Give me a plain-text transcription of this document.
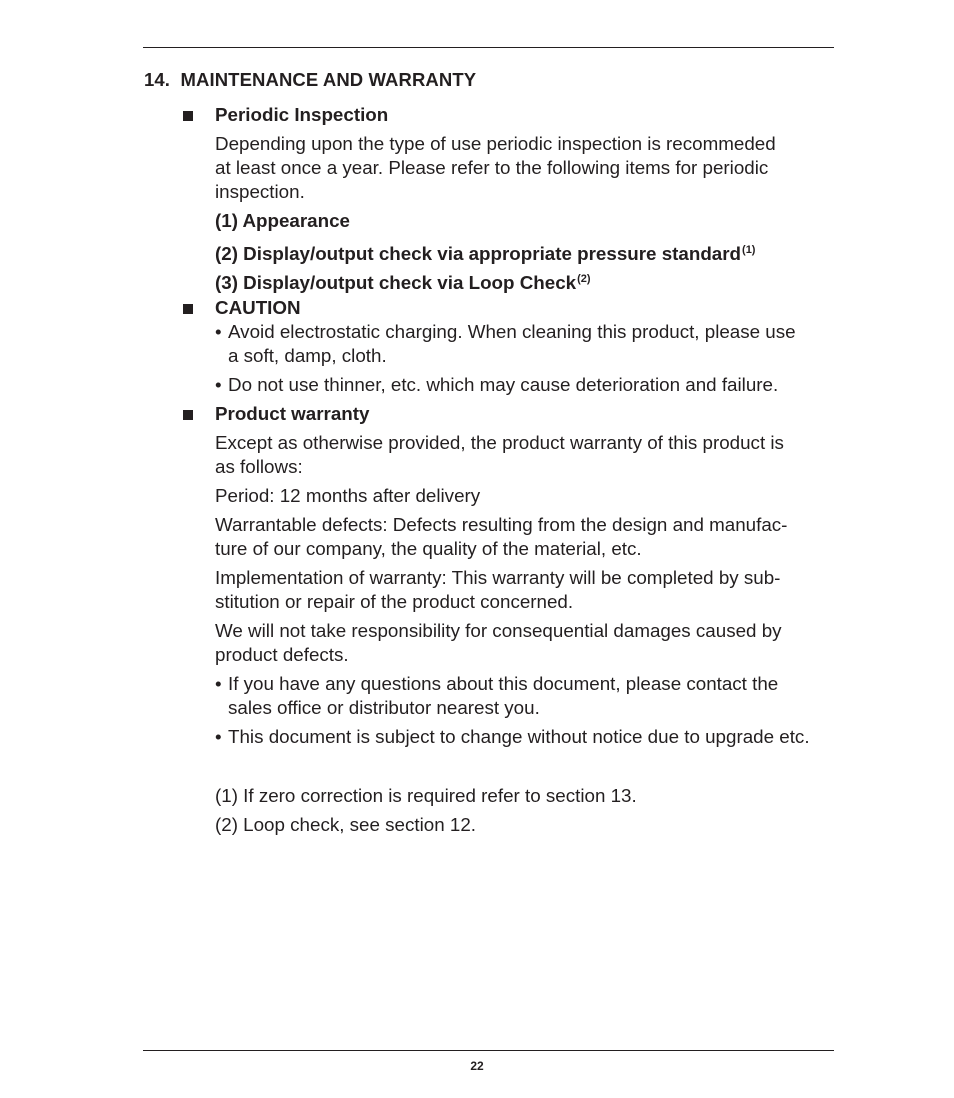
14. MAINTENANCE AND WARRANTY
Periodic Inspection
Depending upon the type of use periodic inspection is recommeded
at least once a year. Please refer to the following items for periodic
inspection.
(1) Appearance
(2) Display/output check via appropriate pressure standard$^{(1)}$
(3) Display/output check via Loop Check$^{(2)}$
CAUTION
• Avoid electrostatic charging. When cleaning this product, please use
a soft, damp, cloth.
• Do not use thinner, etc. which may cause deterioration and failure.
Product warranty
Except as otherwise provided, the product warranty of this product is
as follows:
Period: 12 months after delivery
Warrantable defects: Defects resulting from the design and manufac-
ture of our company, the quality of the material, etc.
Implementation of warranty: This warranty will be completed by sub-
stitution or repair of the product concerned.
We will not take responsibility for consequential damages caused by
product defects.
• If you have any questions about this document, please contact the
sales office or distributor nearest you.
• This document is subject to change without notice due to upgrade etc.
(1) If zero correction is required refer to section 13.
(2) Loop check, see section 12.
22
